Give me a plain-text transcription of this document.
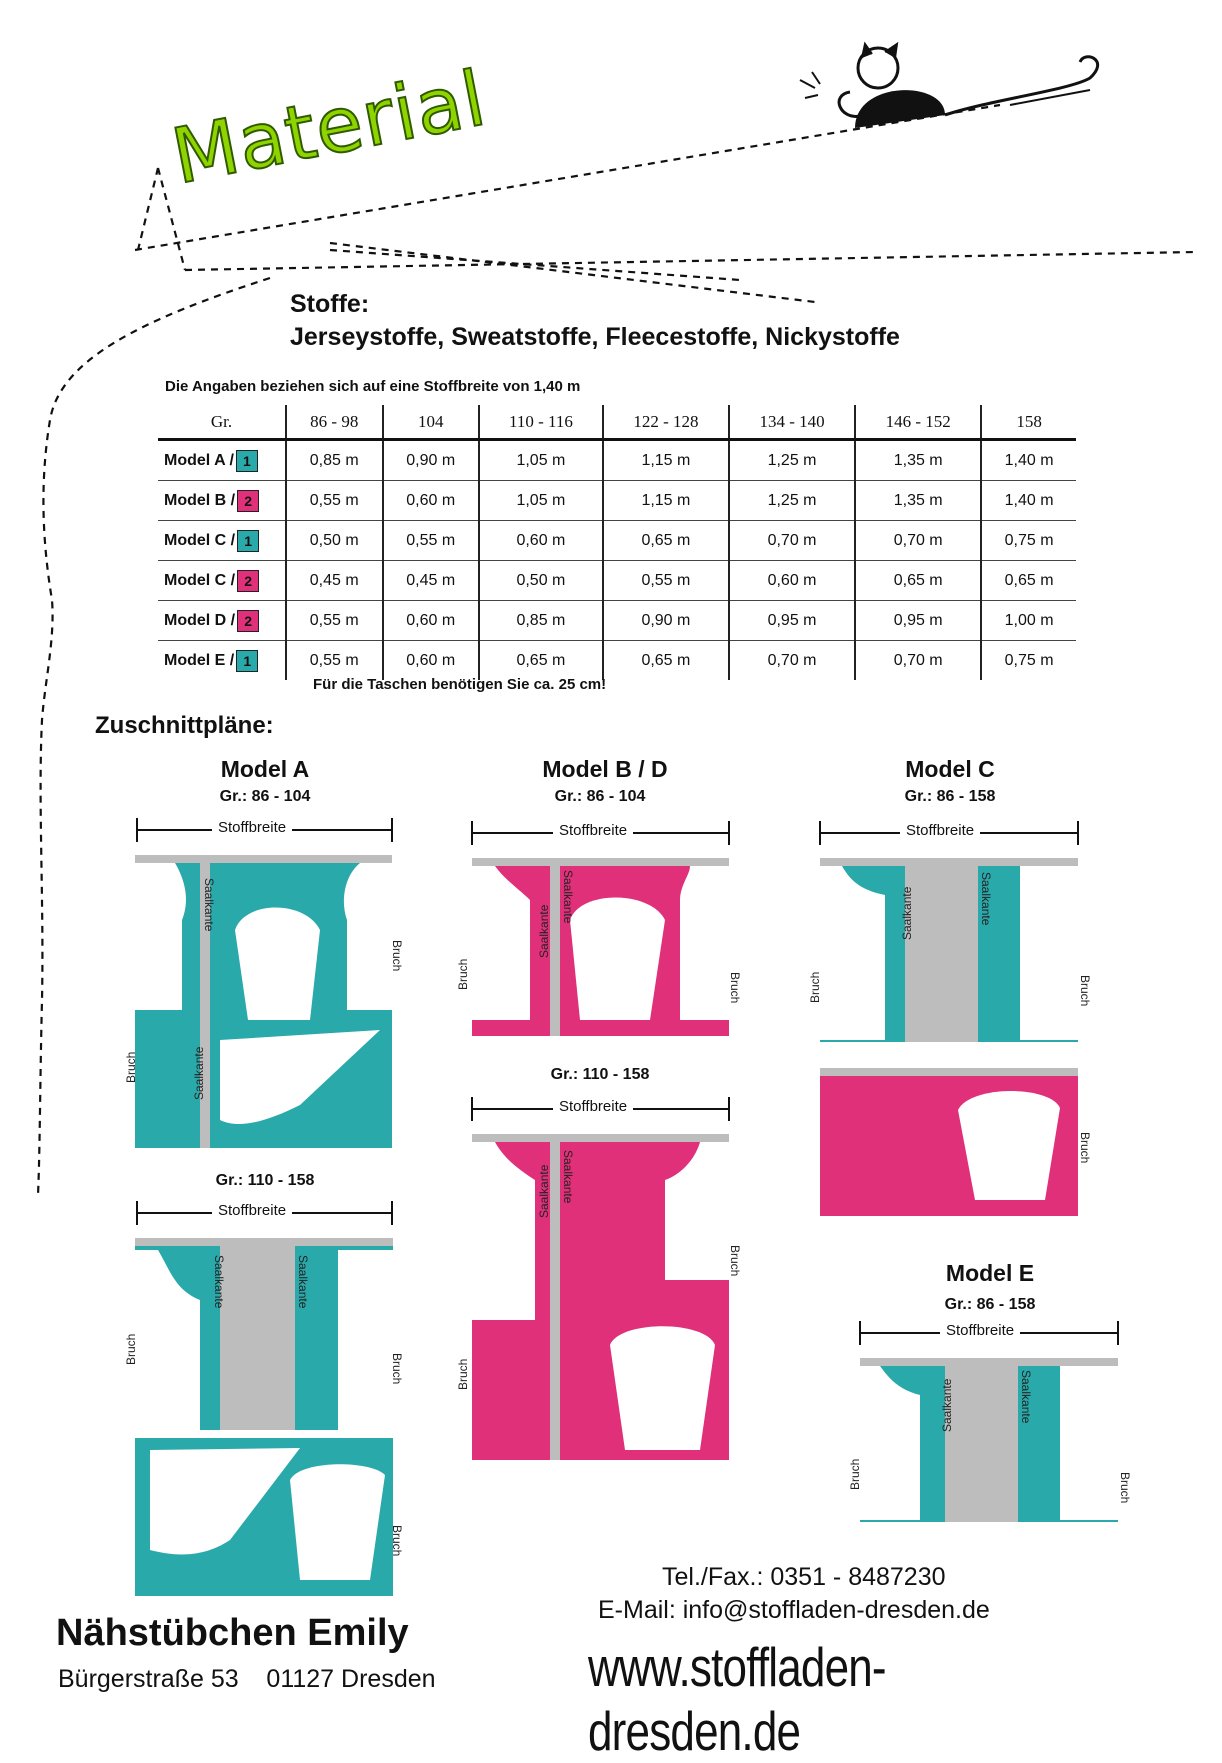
Material
Stoffe:
Jerseystoffe, Sweatstoffe, Fleecestoffe, Nickystoffe
Die Angaben beziehen sich auf eine Stoffbreite von 1,40 m
Gr.	86 - 98	104	110 - 116	122 - 128	134 - 140	146 - 152	158
Model A / 1	0,85 m	0,90 m	1,05 m	1,15 m	1,25 m	1,35 m	1,40 m
Model B / 2	0,55 m	0,60 m	1,05 m	1,15 m	1,25 m	1,35 m	1,40 m
Model C / 1	0,50 m	0,55 m	0,60 m	0,65 m	0,70 m	0,70 m	0,75 m
Model C / 2	0,45 m	0,45 m	0,50 m	0,55 m	0,60 m	0,65 m	0,65 m
Model D / 2	0,55 m	0,60 m	0,85 m	0,90 m	0,95 m	0,95 m	1,00 m
Model E / 1	0,55 m	0,60 m	0,65 m	0,65 m	0,70 m	0,70 m	0,75 m
Für die Taschen benötigen Sie ca. 25 cm!
Zuschnittpläne:
Model A
Gr.: 86 - 104
Stoffbreite
Gr.: 110 - 158
Stoffbreite
Model B / D
Gr.: 86 - 104
Stoffbreite
Gr.: 110 - 158
Stoffbreite
Model C
Gr.: 86 - 158
Stoffbreite
Model E
Gr.: 86 - 158
Stoffbreite
Saalkante
Saalkante
Bruch
Bruch
Saalkante	Saalkante
Bruch
Bruch
Bruch
Saalkante
Saalkante
Bruch	Bruch
Saalkante Saalkante
Bruch
Bruch
Saalkante	Saalkante
Bruch	Bruch
Bruch
Saalkante	Saalkante
Bruch	Bruch
Nähstübchen Emily
Bürgerstraße 53    01127 Dresden
Tel./Fax.: 0351 - 8487230
E-Mail: info@stoffladen-dresden.de
www.stoffladen-dresden.de
